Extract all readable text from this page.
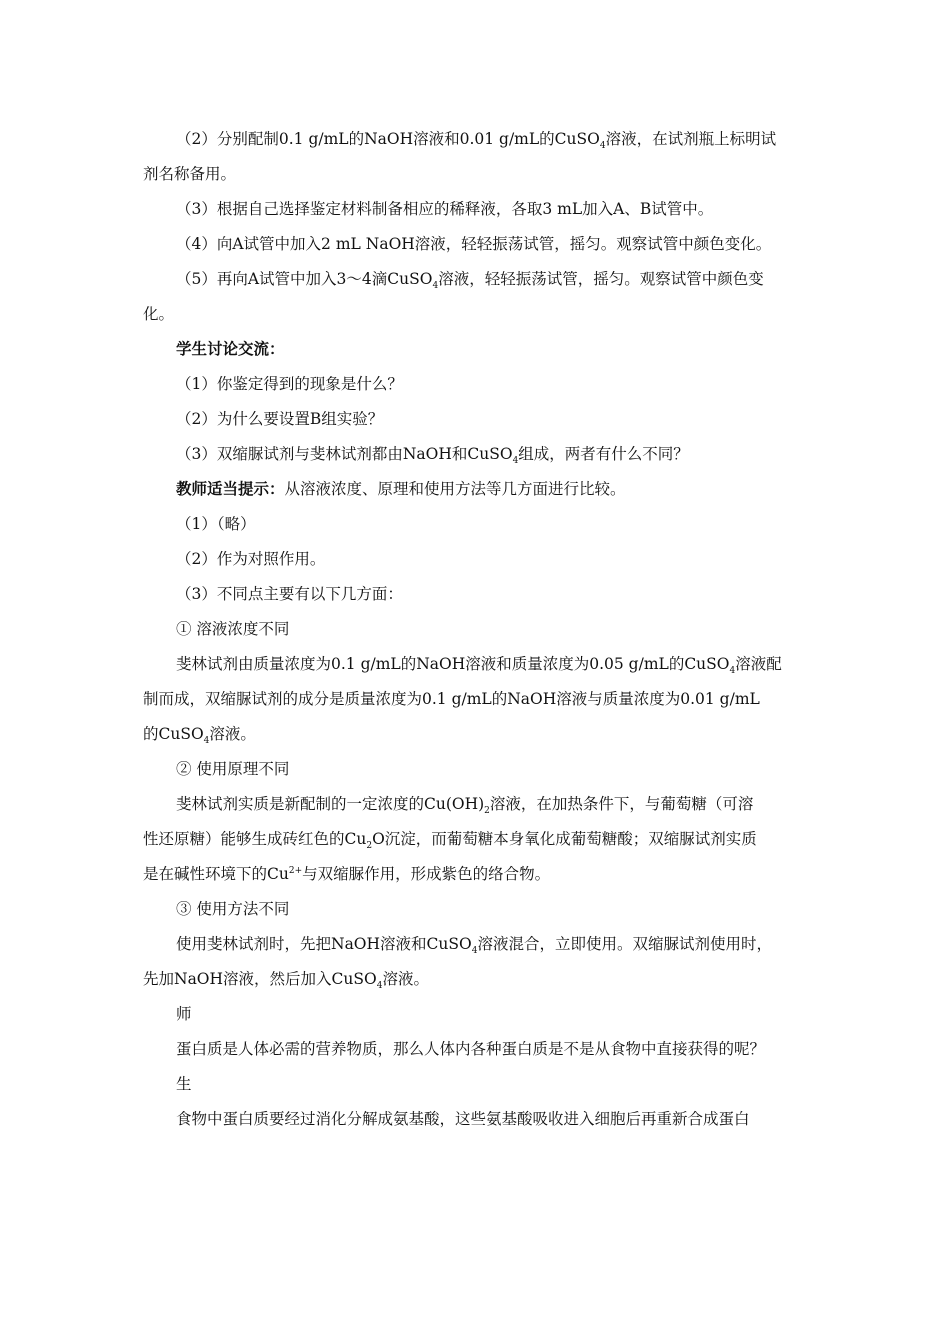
（2）分别配制0.1 g/mL的NaOH溶液和0.01 g/mL的CuSO$_4$溶液，在试剂瓶上标明试
剂名称备用。

（3）根据自己选择鉴定材料制备相应的稀释液，各取3 mL加入A、B试管中。

（4）向A试管中加入2 mL NaOH溶液，轻轻振荡试管，摇匀。观察试管中颜色变化。

（5）再向A试管中加入3～4滴CuSO$_4$溶液，轻轻振荡试管，摇匀。观察试管中颜色变
化。

学生讨论交流：

（1）你鉴定得到的现象是什么？

（2）为什么要设置B组实验？

（3）双缩脲试剂与斐林试剂都由NaOH和CuSO$_4$组成，两者有什么不同？

教师适当提示：从溶液浓度、原理和使用方法等几方面进行比较。

（1）（略）

（2）作为对照作用。

（3）不同点主要有以下几方面：

① 溶液浓度不同

斐林试剂由质量浓度为0.1 g/mL的NaOH溶液和质量浓度为0.05 g/mL的CuSO$_4$溶液配
制而成，双缩脲试剂的成分是质量浓度为0.1 g/mL的NaOH溶液与质量浓度为0.01 g/mL
的CuSO$_4$溶液。

② 使用原理不同

斐林试剂实质是新配制的一定浓度的$Cu(OH)_2$溶液，在加热条件下，与葡萄糖（可溶
性还原糖）能够生成砖红色的$Cu_2O$沉淀，而葡萄糖本身氧化成葡萄糖酸；双缩脲试剂实质
是在碱性环境下的$Cu^{2+}$与双缩脲作用，形成紫色的络合物。

③ 使用方法不同

使用斐林试剂时，先把NaOH溶液和CuSO$_4$溶液混合，立即使用。双缩脲试剂使用时，
先加NaOH溶液，然后加入CuSO$_4$溶液。

师

蛋白质是人体必需的营养物质，那么人体内各种蛋白质是不是从食物中直接获得的呢？

生

食物中蛋白质要经过消化分解成氨基酸，这些氨基酸吸收进入细胞后再重新合成蛋白
